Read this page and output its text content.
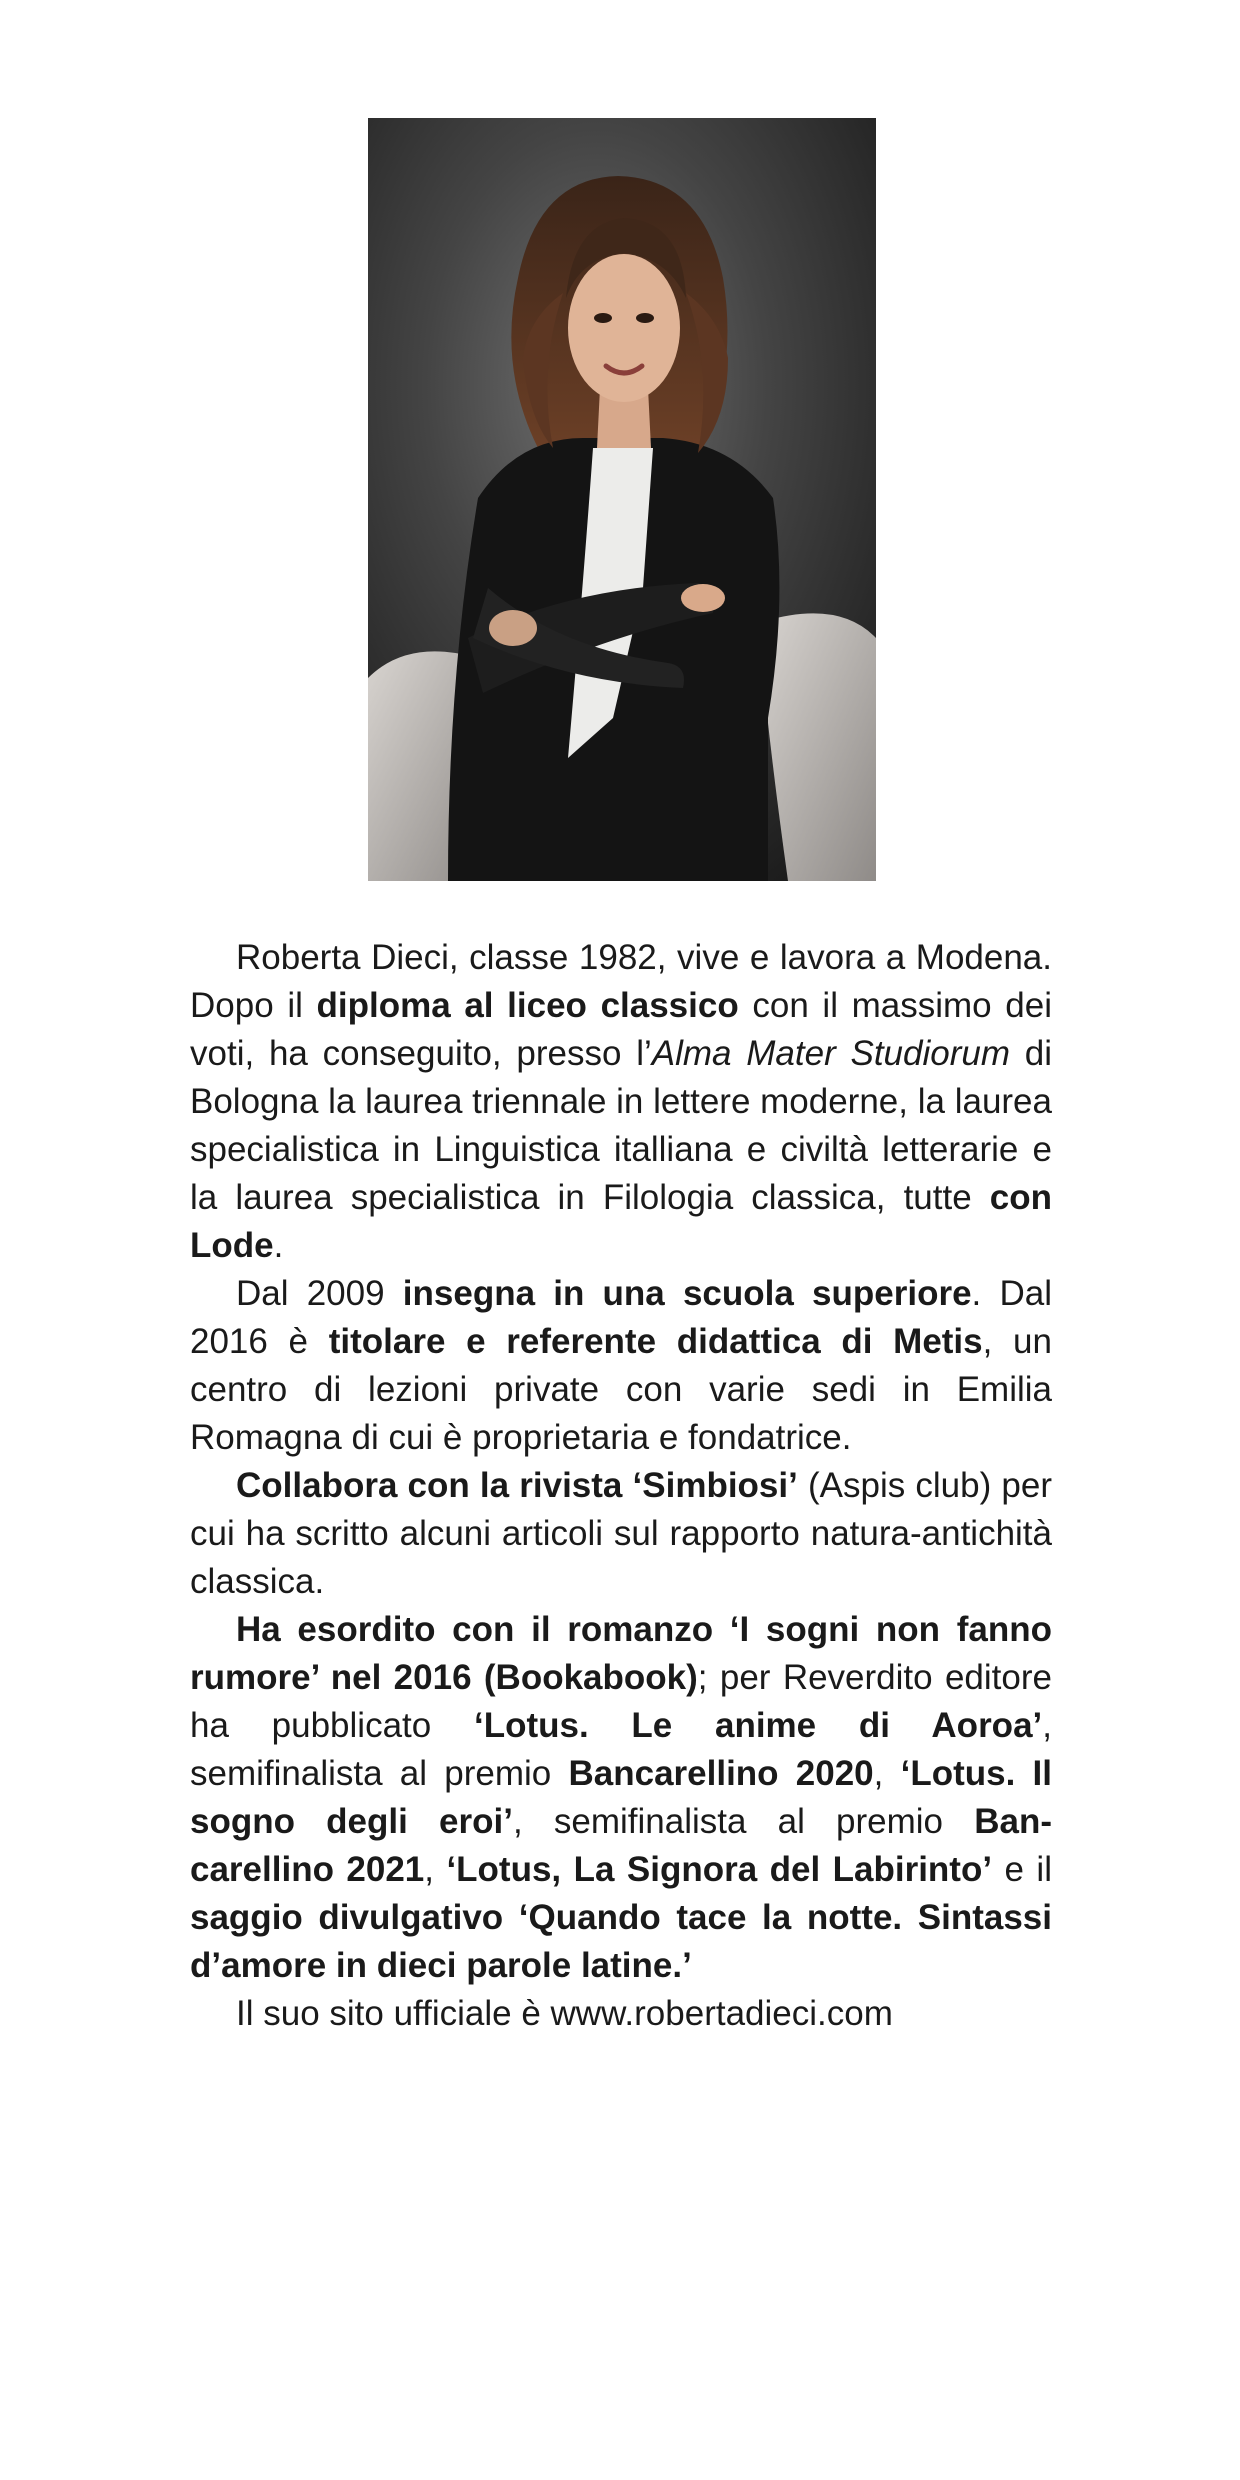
Roberta Dieci, classe 1982, vive e lavora a Modena. Dopo il diploma al liceo classico con il massimo dei voti, ha conseguito, presso l’Alma Mater Studiorum di Bologna la laurea triennale in lettere moderne, la laurea specialistica in Linguistica italliana e civiltà letterarie e la laurea specialistica in Filologia classica, tutte con Lode.

Dal 2009 insegna in una scuola superiore. Dal 2016 è titolare e referente didattica di Metis, un centro di lezioni private con varie sedi in Emilia Romagna di cui è proprietaria e fondatrice.

Collabora con la rivista ‘Simbiosi’ (Aspis club) per cui ha scritto alcuni articoli sul rapporto natura-antichità classica.

Ha esordito con il romanzo ‘I sogni non fanno rumore’ nel 2016 (Bookabook); per Reverdito editore ha pubblicato ‘Lotus. Le anime di Aoroa’, semifinalista al premio Bancarellino 2020, ‘Lotus. Il sogno degli eroi’, semifinalista al premio Bancarellino 2021, ‘Lotus, La Signora del Labirinto’ e il saggio divulgativo ‘Quando tace la notte. Sintassi d’amore in dieci parole latine.’

Il suo sito ufficiale è www.robertadieci.com
